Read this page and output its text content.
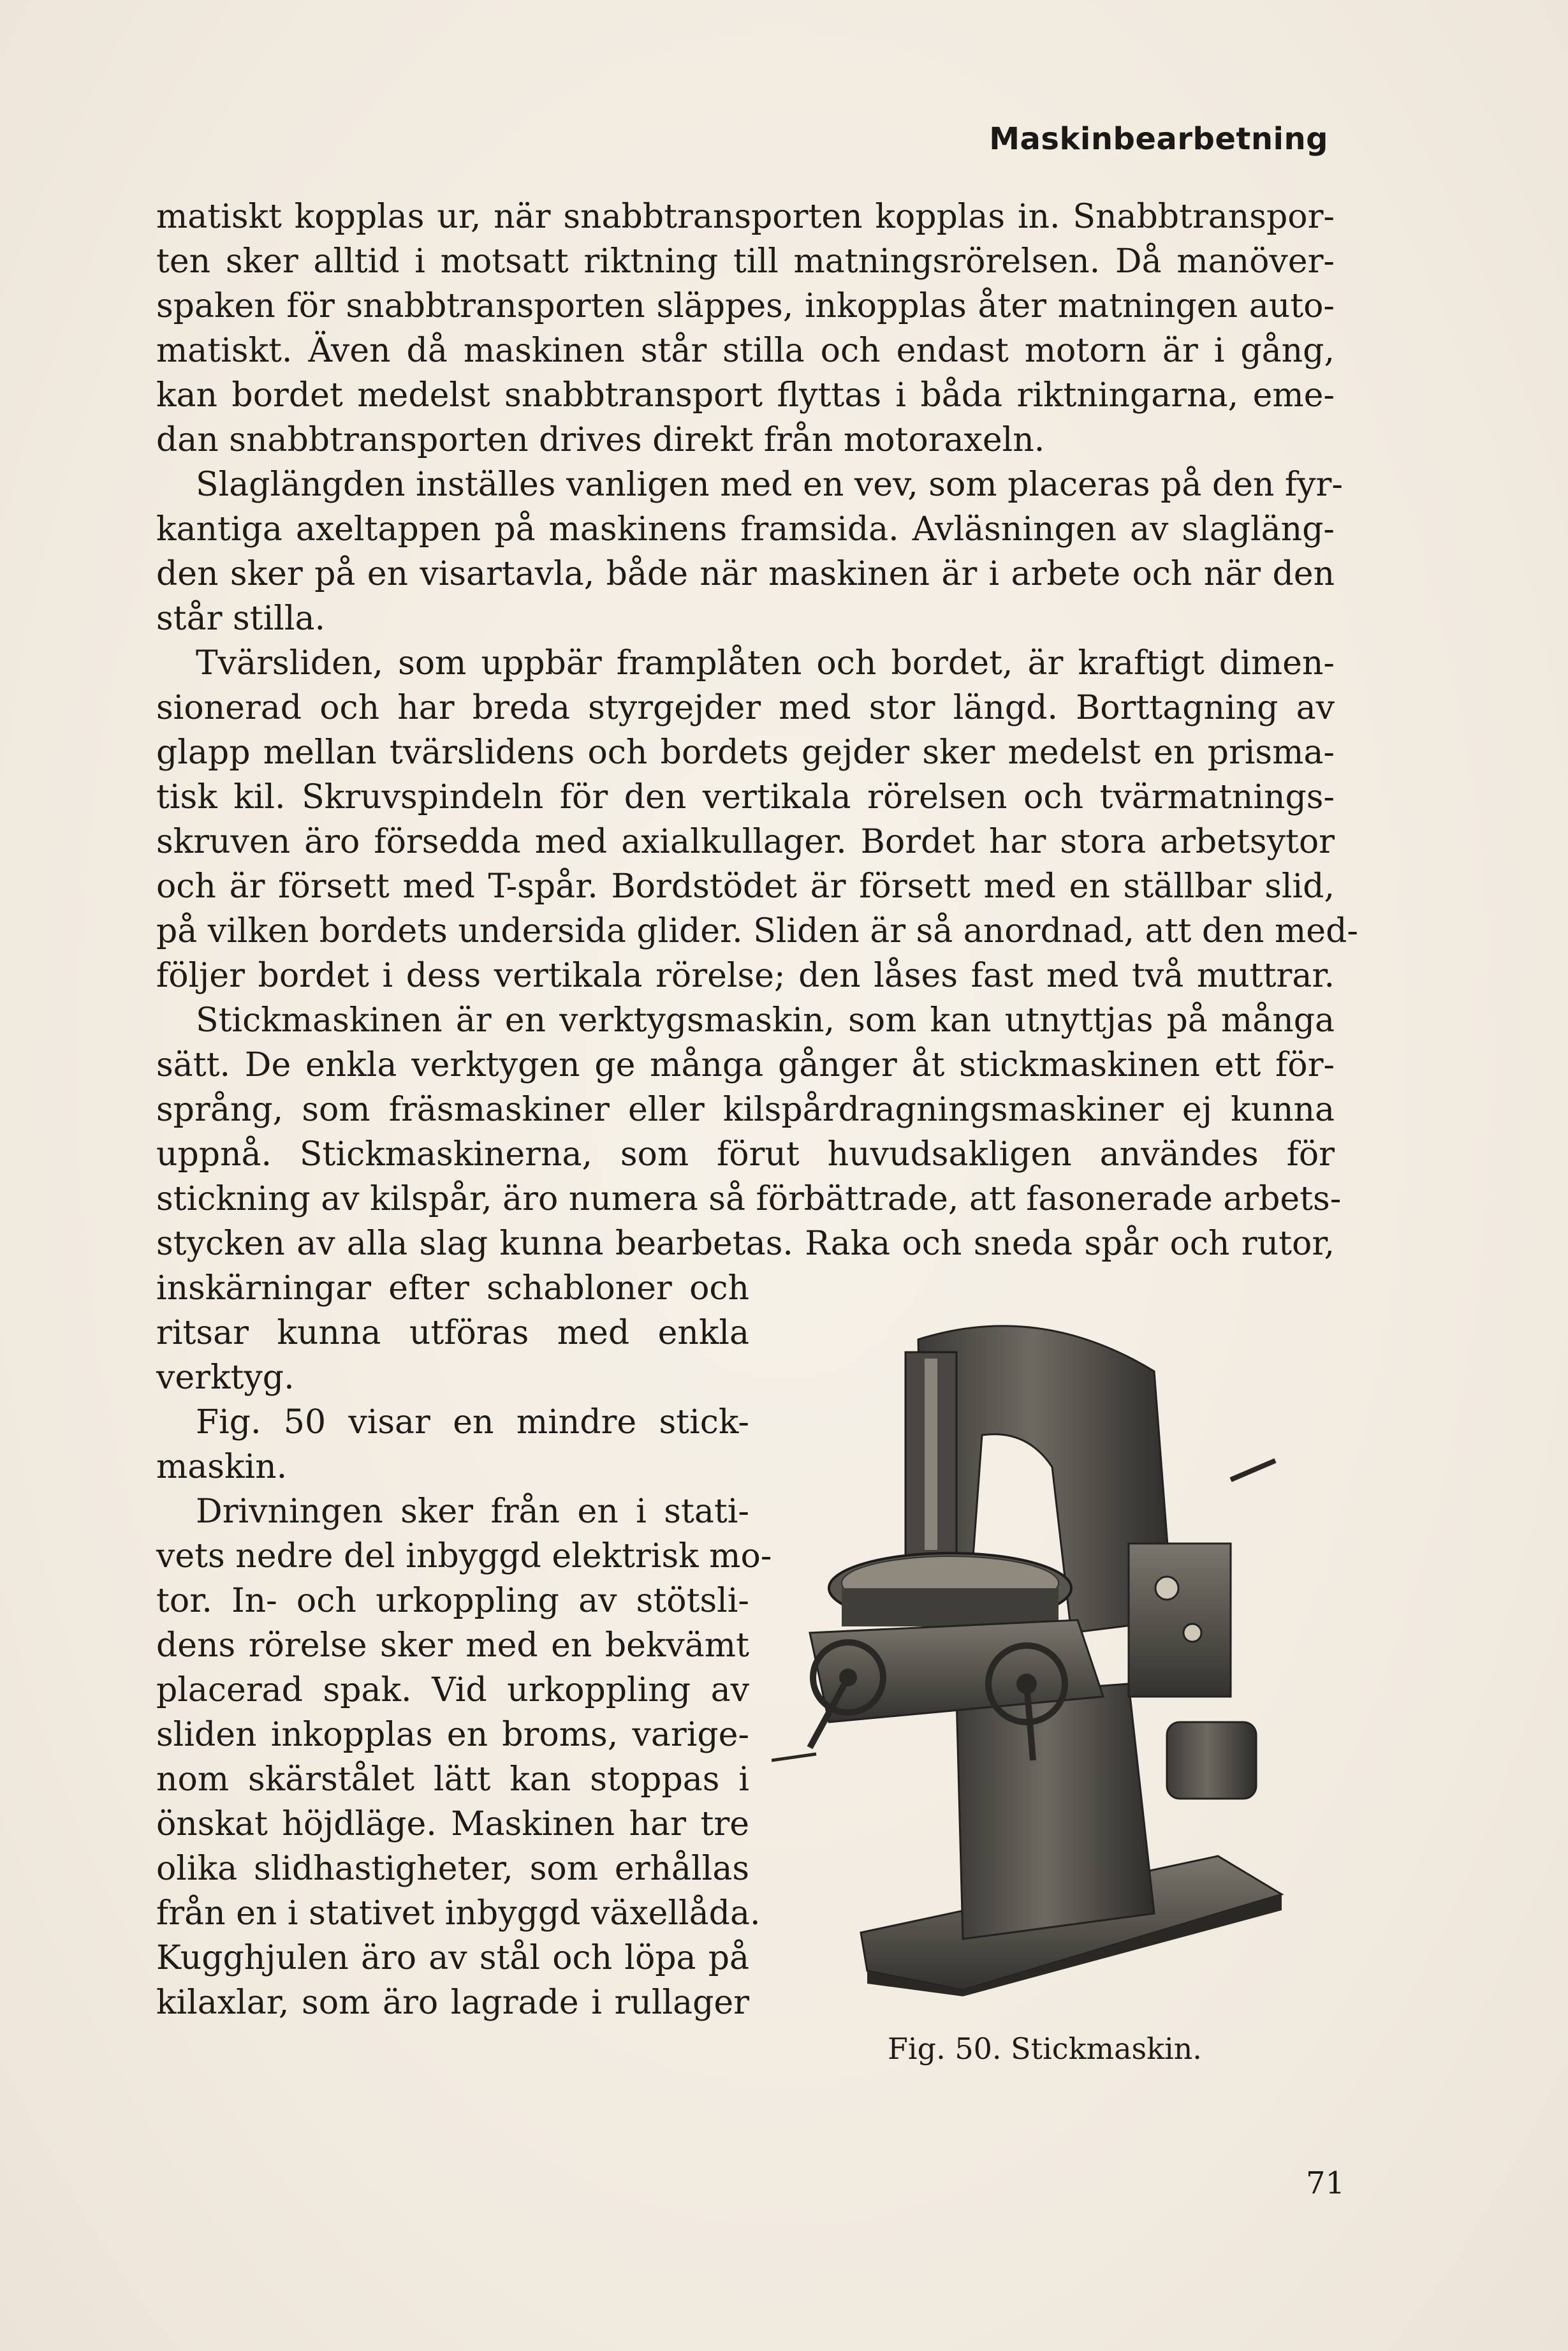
Maskinbearbetning
matiskt kopplas ur, när snabbtransporten kopplas in. Snabbtranspor-
ten sker alltid i motsatt riktning till matningsrörelsen. Då manöver-
spaken för snabbtransporten släppes, inkopplas åter matningen auto-
matiskt. Även då maskinen står stilla och endast motorn är i gång,
kan bordet medelst snabbtransport flyttas i båda riktningarna, eme-
dan snabbtransporten drives direkt från motoraxeln.
Slaglängden inställes vanligen med en vev, som placeras på den fyr-
kantiga axeltappen på maskinens framsida. Avläsningen av slagläng-
den sker på en visartavla, både när maskinen är i arbete och när den
står stilla.
Tvärsliden, som uppbär framplåten och bordet, är kraftigt dimen-
sionerad och har breda styrgejder med stor längd. Borttagning av
glapp mellan tvärslidens och bordets gejder sker medelst en prisma-
tisk kil. Skruvspindeln för den vertikala rörelsen och tvärmatnings-
skruven äro försedda med axialkullager. Bordet har stora arbetsytor
och är försett med T-spår. Bordstödet är försett med en ställbar slid,
på vilken bordets undersida glider. Sliden är så anordnad, att den med-
följer bordet i dess vertikala rörelse; den låses fast med två muttrar.
Stickmaskinen är en verktygsmaskin, som kan utnyttjas på många
sätt. De enkla verktygen ge många gånger åt stickmaskinen ett för-
språng, som fräsmaskiner eller kilspårdragningsmaskiner ej kunna
uppnå. Stickmaskinerna, som förut huvudsakligen användes för
stickning av kilspår, äro numera så förbättrade, att fasonerade arbets-
stycken av alla slag kunna bearbetas. Raka och sneda spår och rutor,
inskärningar efter schabloner och
ritsar kunna utföras med enkla
verktyg.
Fig. 50 visar en mindre stick-
maskin.
Drivningen sker från en i stati-
vets nedre del inbyggd elektrisk mo-
tor. In- och urkoppling av stötsli-
dens rörelse sker med en bekvämt
placerad spak. Vid urkoppling av
sliden inkopplas en broms, varige-
nom skärstålet lätt kan stoppas i
önskat höjdläge. Maskinen har tre
olika slidhastigheter, som erhållas
från en i stativet inbyggd växellåda.
Kugghjulen äro av stål och löpa på
kilaxlar, som äro lagrade i rullager
Fig. 50. Stickmaskin.
71
